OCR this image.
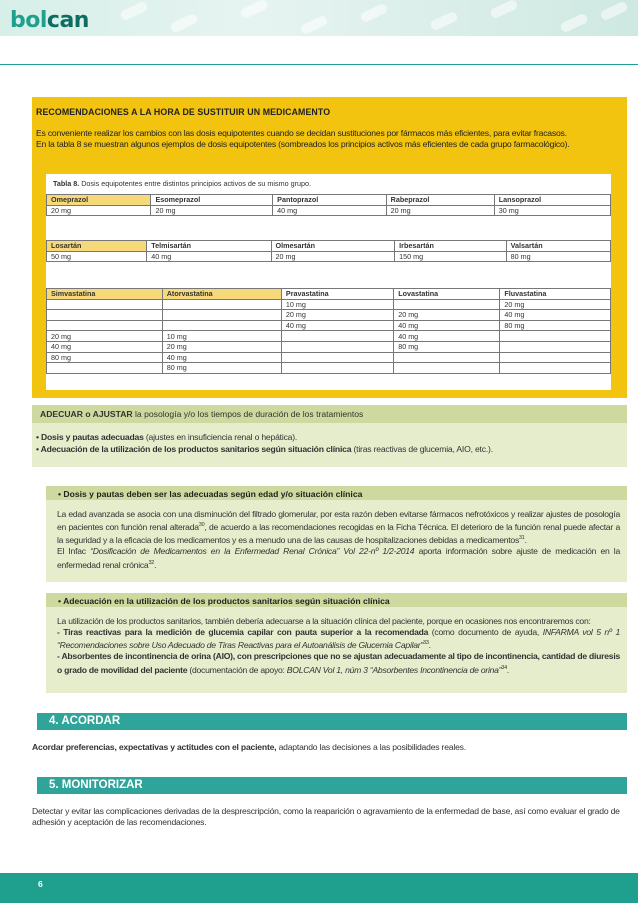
bolcan
RECOMENDACIONES A LA HORA DE SUSTITUIR UN MEDICAMENTO
Es conveniente realizar los cambios con las dosis equipotentes cuando se decidan sustituciones por fármacos más eficientes, para evitar fracasos.
En la tabla 8 se muestran algunos ejemplos de dosis equipotentes (sombreados los principios activos más eficientes de cada grupo farmacológico).
Tabla 8. Dosis equipotentes entre distintos principios activos de su mismo grupo.
Omeprazol	Esomeprazol	Pantoprazol	Rabeprazol	Lansoprazol
20 mg	20 mg	40 mg	20 mg	30 mg
Losartán	Telmisartán	Olmesartán	Irbesartán	Valsartán
50 mg	40 mg	20 mg	150 mg	80 mg
Simvastatina	Atorvastatina	Pravastatina	Lovastatina	Fluvastatina
		10 mg		20 mg
		20 mg	20 mg	40 mg
		40 mg	40 mg	80 mg
20 mg	10 mg		40 mg	
40 mg	20 mg		80 mg	
80 mg	40 mg			
	80 mg			
ADECUAR o AJUSTAR la posología y/o los tiempos de duración de los tratamientos
• Dosis y pautas adecuadas (ajustes en insuficiencia renal o hepática).
• Adecuación de la utilización de los productos sanitarios según situación clínica (tiras reactivas de glucemia, AIO, etc.).
• Dosis y pautas deben ser las adecuadas según edad y/o situación clínica
La edad avanzada se asocia con una disminución del filtrado glomerular, por esta razón deben evitarse fármacos nefrotóxicos y realizar ajustes de posología en pacientes con función renal alterada$^{30}$, de acuerdo a las recomendaciones recogidas en la Ficha Técnica. El deterioro de la función renal puede afectar a la seguridad y a la eficacia de los medicamentos y es a menudo una de las causas de hospitalizaciones debidas a medicamentos$^{31}$.
El Infac “Dosificación de Medicamentos en la Enfermedad Renal Crónica” Vol 22-nº 1/2-2014 aporta información sobre ajuste de medicación en la enfermedad renal crónica$^{32}$.
• Adecuación en la utilización de los productos sanitarios según situación clínica
La utilización de los productos sanitarios, también debería adecuarse a la situación clínica del paciente, porque en ocasiones nos encontraremos con:
- Tiras reactivas para la medición de glucemia capilar con pauta superior a la recomendada (como documento de ayuda, INFARMA vol 5 nº 1 “Recomendaciones sobre Uso Adecuado de Tiras Reactivas para el Autoanálisis de Glucemia Capilar”$^{33}$.
- Absorbentes de incontinencia de orina (AIO), con prescripciones que no se ajustan adecuadamente al tipo de incontinencia, cantidad de diuresis o grado de movilidad del paciente (documentación de apoyo: BOLCAN Vol 1, núm 3 “Absorbentes Incontinencia de orina”$^{34}$.
4. ACORDAR
Acordar preferencias, expectativas y actitudes con el paciente, adaptando las decisiones a las posibilidades reales.
5. MONITORIZAR
Detectar y evitar las complicaciones derivadas de la desprescripción, como la reaparición o agravamiento de la enfermedad de base, así como evaluar el grado de adhesión y aceptación de las recomendaciones.
6
